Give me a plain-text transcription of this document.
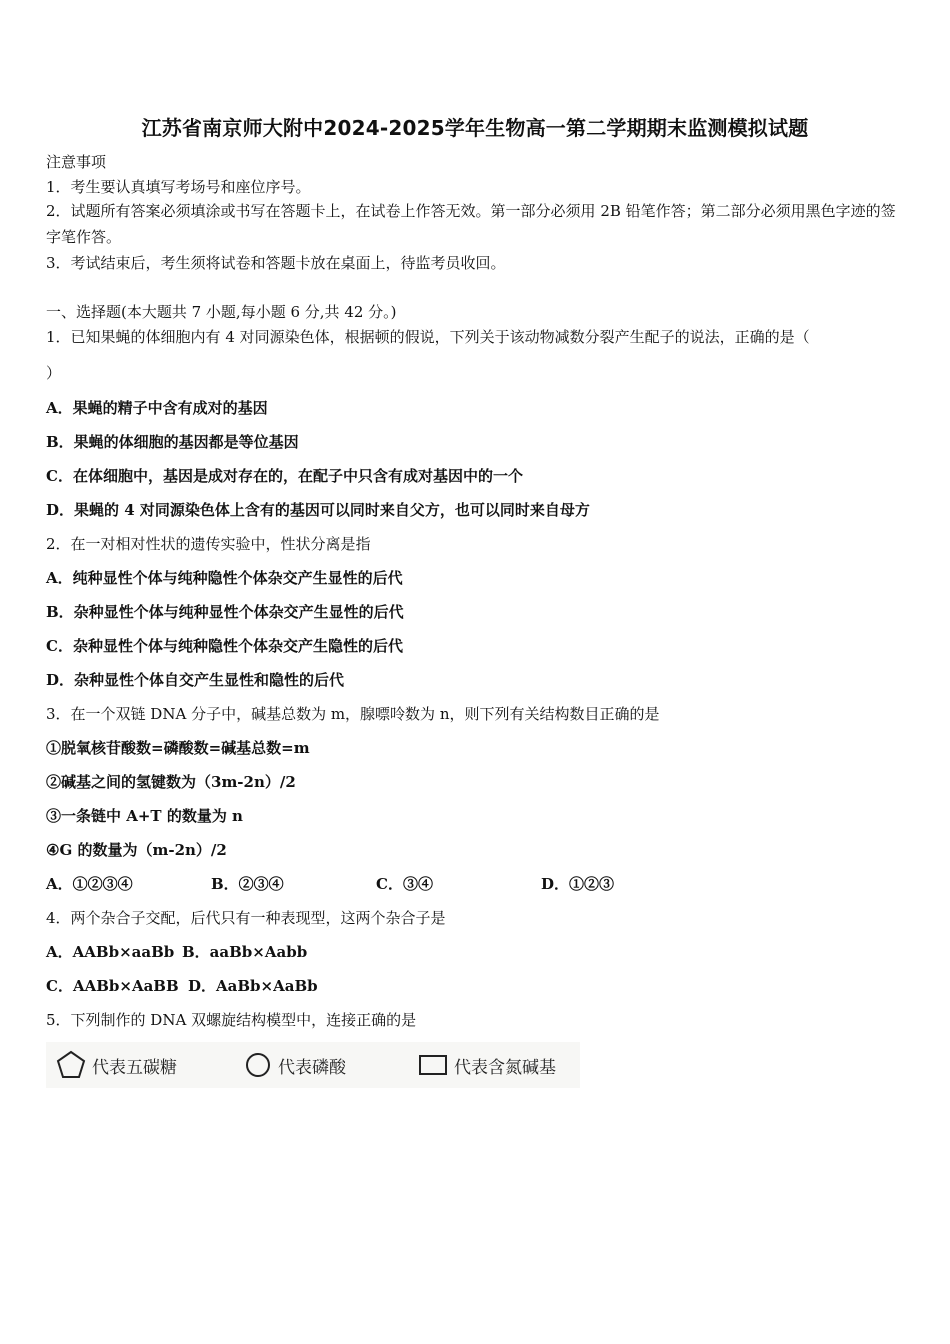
江苏省南京师大附中2024-2025学年生物高一第二学期期末监测模拟试题
注意事项
1．考生要认真填写考场号和座位序号。
2．试题所有答案必须填涂或书写在答题卡上，在试卷上作答无效。第一部分必须用 2B 铅笔作答；第二部分必须用黑色字迹的签字笔作答。
3．考试结束后，考生须将试卷和答题卡放在桌面上，待监考员收回。
一、选择题(本大题共 7 小题,每小题 6 分,共 42 分。)
1．已知果蝇的体细胞内有 4 对同源染色体，根据顿的假说，下列关于该动物减数分裂产生配子的说法，正确的是（
）
A．果蝇的精子中含有成对的基因
B．果蝇的体细胞的基因都是等位基因
C．在体细胞中，基因是成对存在的，在配子中只含有成对基因中的一个
D．果蝇的 4 对同源染色体上含有的基因可以同时来自父方，也可以同时来自母方
2．在一对相对性状的遗传实验中，性状分离是指
A．纯种显性个体与纯种隐性个体杂交产生显性的后代
B．杂种显性个体与纯种显性个体杂交产生显性的后代
C．杂种显性个体与纯种隐性个体杂交产生隐性的后代
D．杂种显性个体自交产生显性和隐性的后代
3．在一个双链 DNA 分子中，碱基总数为 m，腺嘌呤数为 n，则下列有关结构数目正确的是
①脱氧核苷酸数=磷酸数=碱基总数=m
②碱基之间的氢键数为（3m-2n）/2
③一条链中 A+T 的数量为 n
④G 的数量为（m-2n）/2
A．①②③④	B．②③④	C．③④	D．①②③
4．两个杂合子交配，后代只有一种表现型，这两个杂合子是
A．AABb×aaBb B．aaBb×Aabb
C．AABb×AaBB D．AaBb×AaBb
5．下列制作的 DNA 双螺旋结构模型中，连接正确的是
代表五碳糖	代表磷酸	代表含氮碱基
